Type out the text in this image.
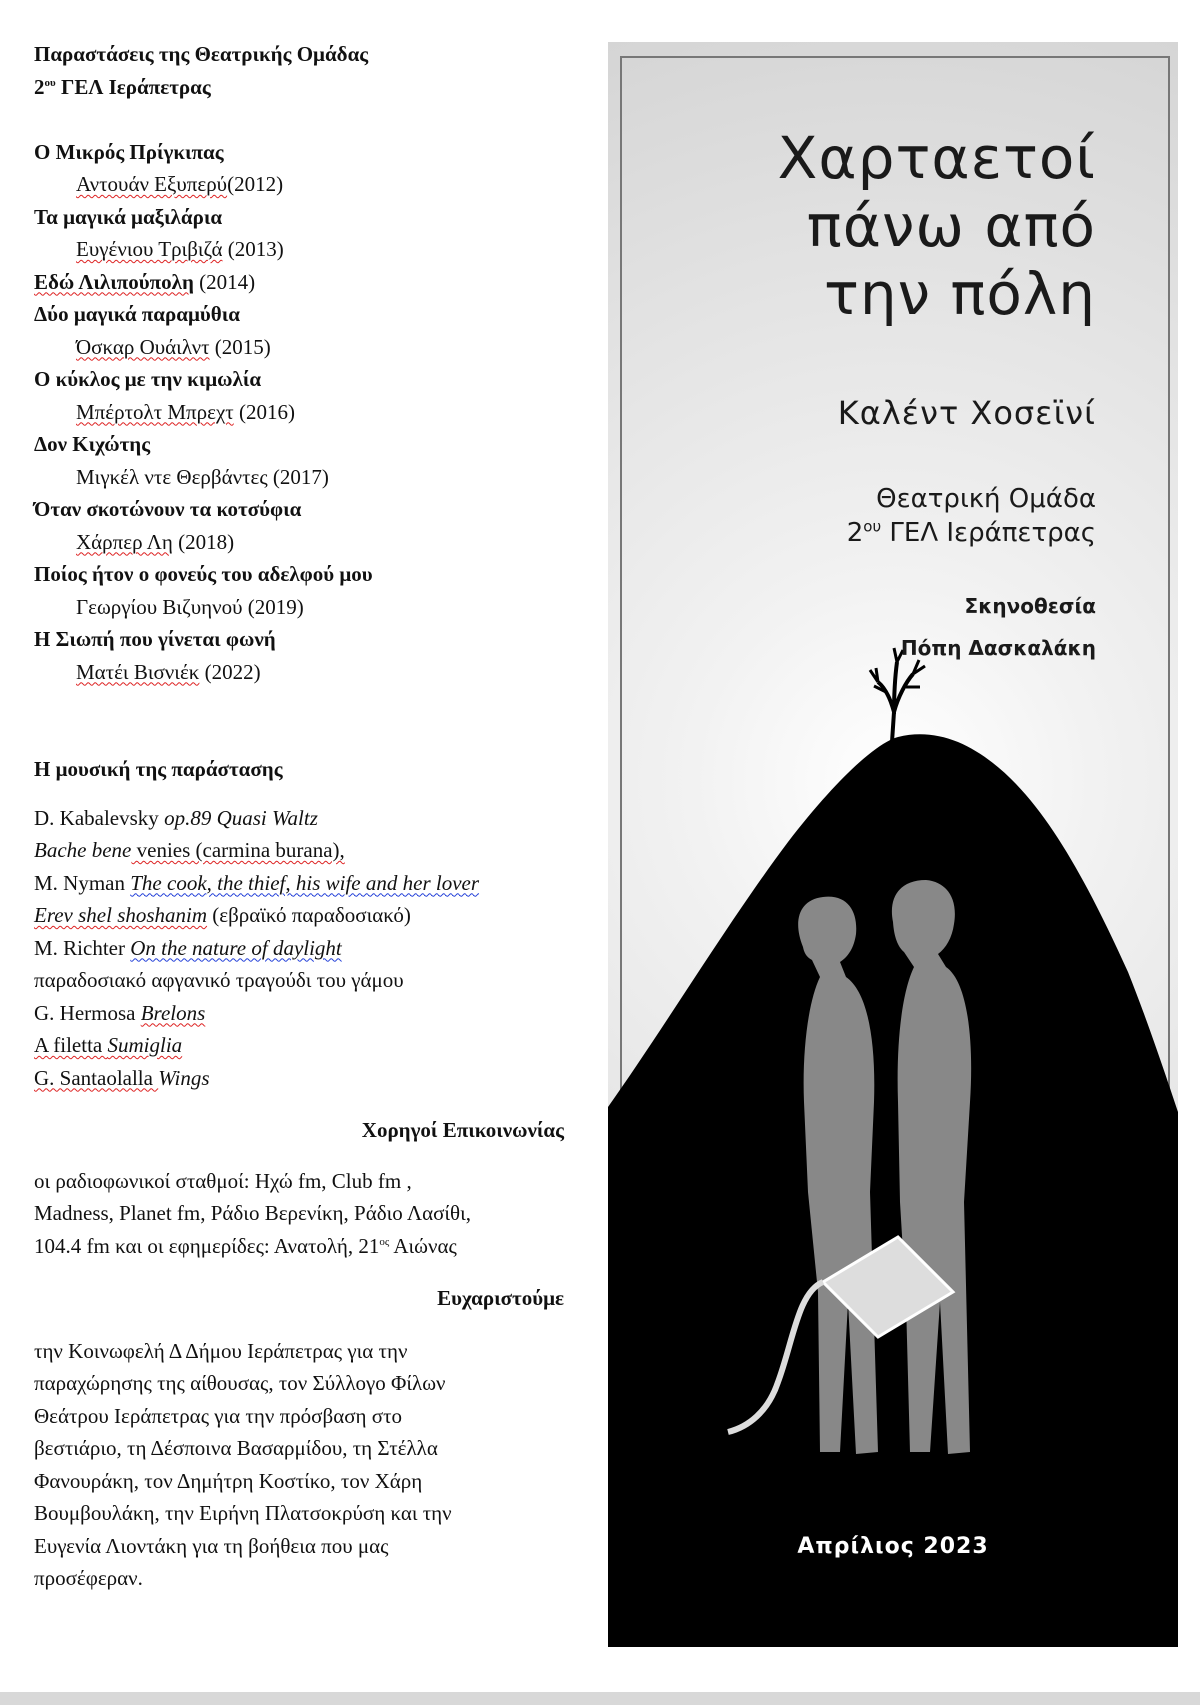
Παραστάσεις της Θεατρικής Ομάδας
$2^{o\upsilon}$ ΓΕΛ Ιεράπετρας
Ο Μικρός Πρίγκιπας
Αντουάν Εξυπερύ(2012)
Τα μαγικά μαξιλάρια
Ευγένιου Τριβιζά (2013)
Εδώ Λιλιπούπολη (2014)
Δύο μαγικά παραμύθια
Όσκαρ Ουάιλντ (2015)
Ο κύκλος με την κιμωλία
Μπέρτολτ Μπρεχτ (2016)
Δον Κιχώτης
Μιγκέλ ντε Θερβάντες (2017)
Όταν σκοτώνουν τα κοτσύφια
Χάρπερ Λη (2018)
Ποίος ήτον ο φονεύς του αδελφού μου
Γεωργίου Βιζυηνού (2019)
Η Σιωπή που γίνεται φωνή
Ματέι Βισνιέκ (2022)
Η μουσική της παράστασης
D. Kabalevsky op.89 Quasi Waltz
Bache bene venies (carmina burana),
M. Nyman The cook, the thief, his wife and her lover
Erev shel shoshanim (εβραϊκό παραδοσιακό)
M. Richter On the nature of daylight
παραδοσιακό αφγανικό τραγούδι του γάμου
G. Hermosa Brelons
A filetta Sumiglia
G. Santaolalla Wings
Χορηγοί Επικοινωνίας
οι ραδιοφωνικοί σταθμοί: Ηχώ fm, Club fm ,
Madness, Planet fm, Ράδιο Βερενίκη, Ράδιο Λασίθι,
104.4 fm και οι εφημερίδες: Ανατολή, $21^{o\varsigma}$ Αιώνας
Ευχαριστούμε
την Κοινωφελή Δ Δήμου Ιεράπετρας για την
παραχώρησης της αίθουσας, τον Σύλλογο Φίλων
Θεάτρου Ιεράπετρας για την πρόσβαση στο
βεστιάριο, τη Δέσποινα Βασαρμίδου, τη Στέλλα
Φανουράκη, τον Δημήτρη Κοστίκο, τον Χάρη
Βουμβουλάκη, την Ειρήνη Πλατσοκρύση και την
Ευγενία Λιοντάκη για τη βοήθεια που μας
προσέφεραν.
Χαρταετοί
πάνω από
την πόλη
Καλέντ Χοσεϊνί
Θεατρική Ομάδα
$2^{o\upsilon}$ ΓΕΛ Ιεράπετρας
Σκηνοθεσία
Πόπη Δασκαλάκη
Απρίλιος 2023
